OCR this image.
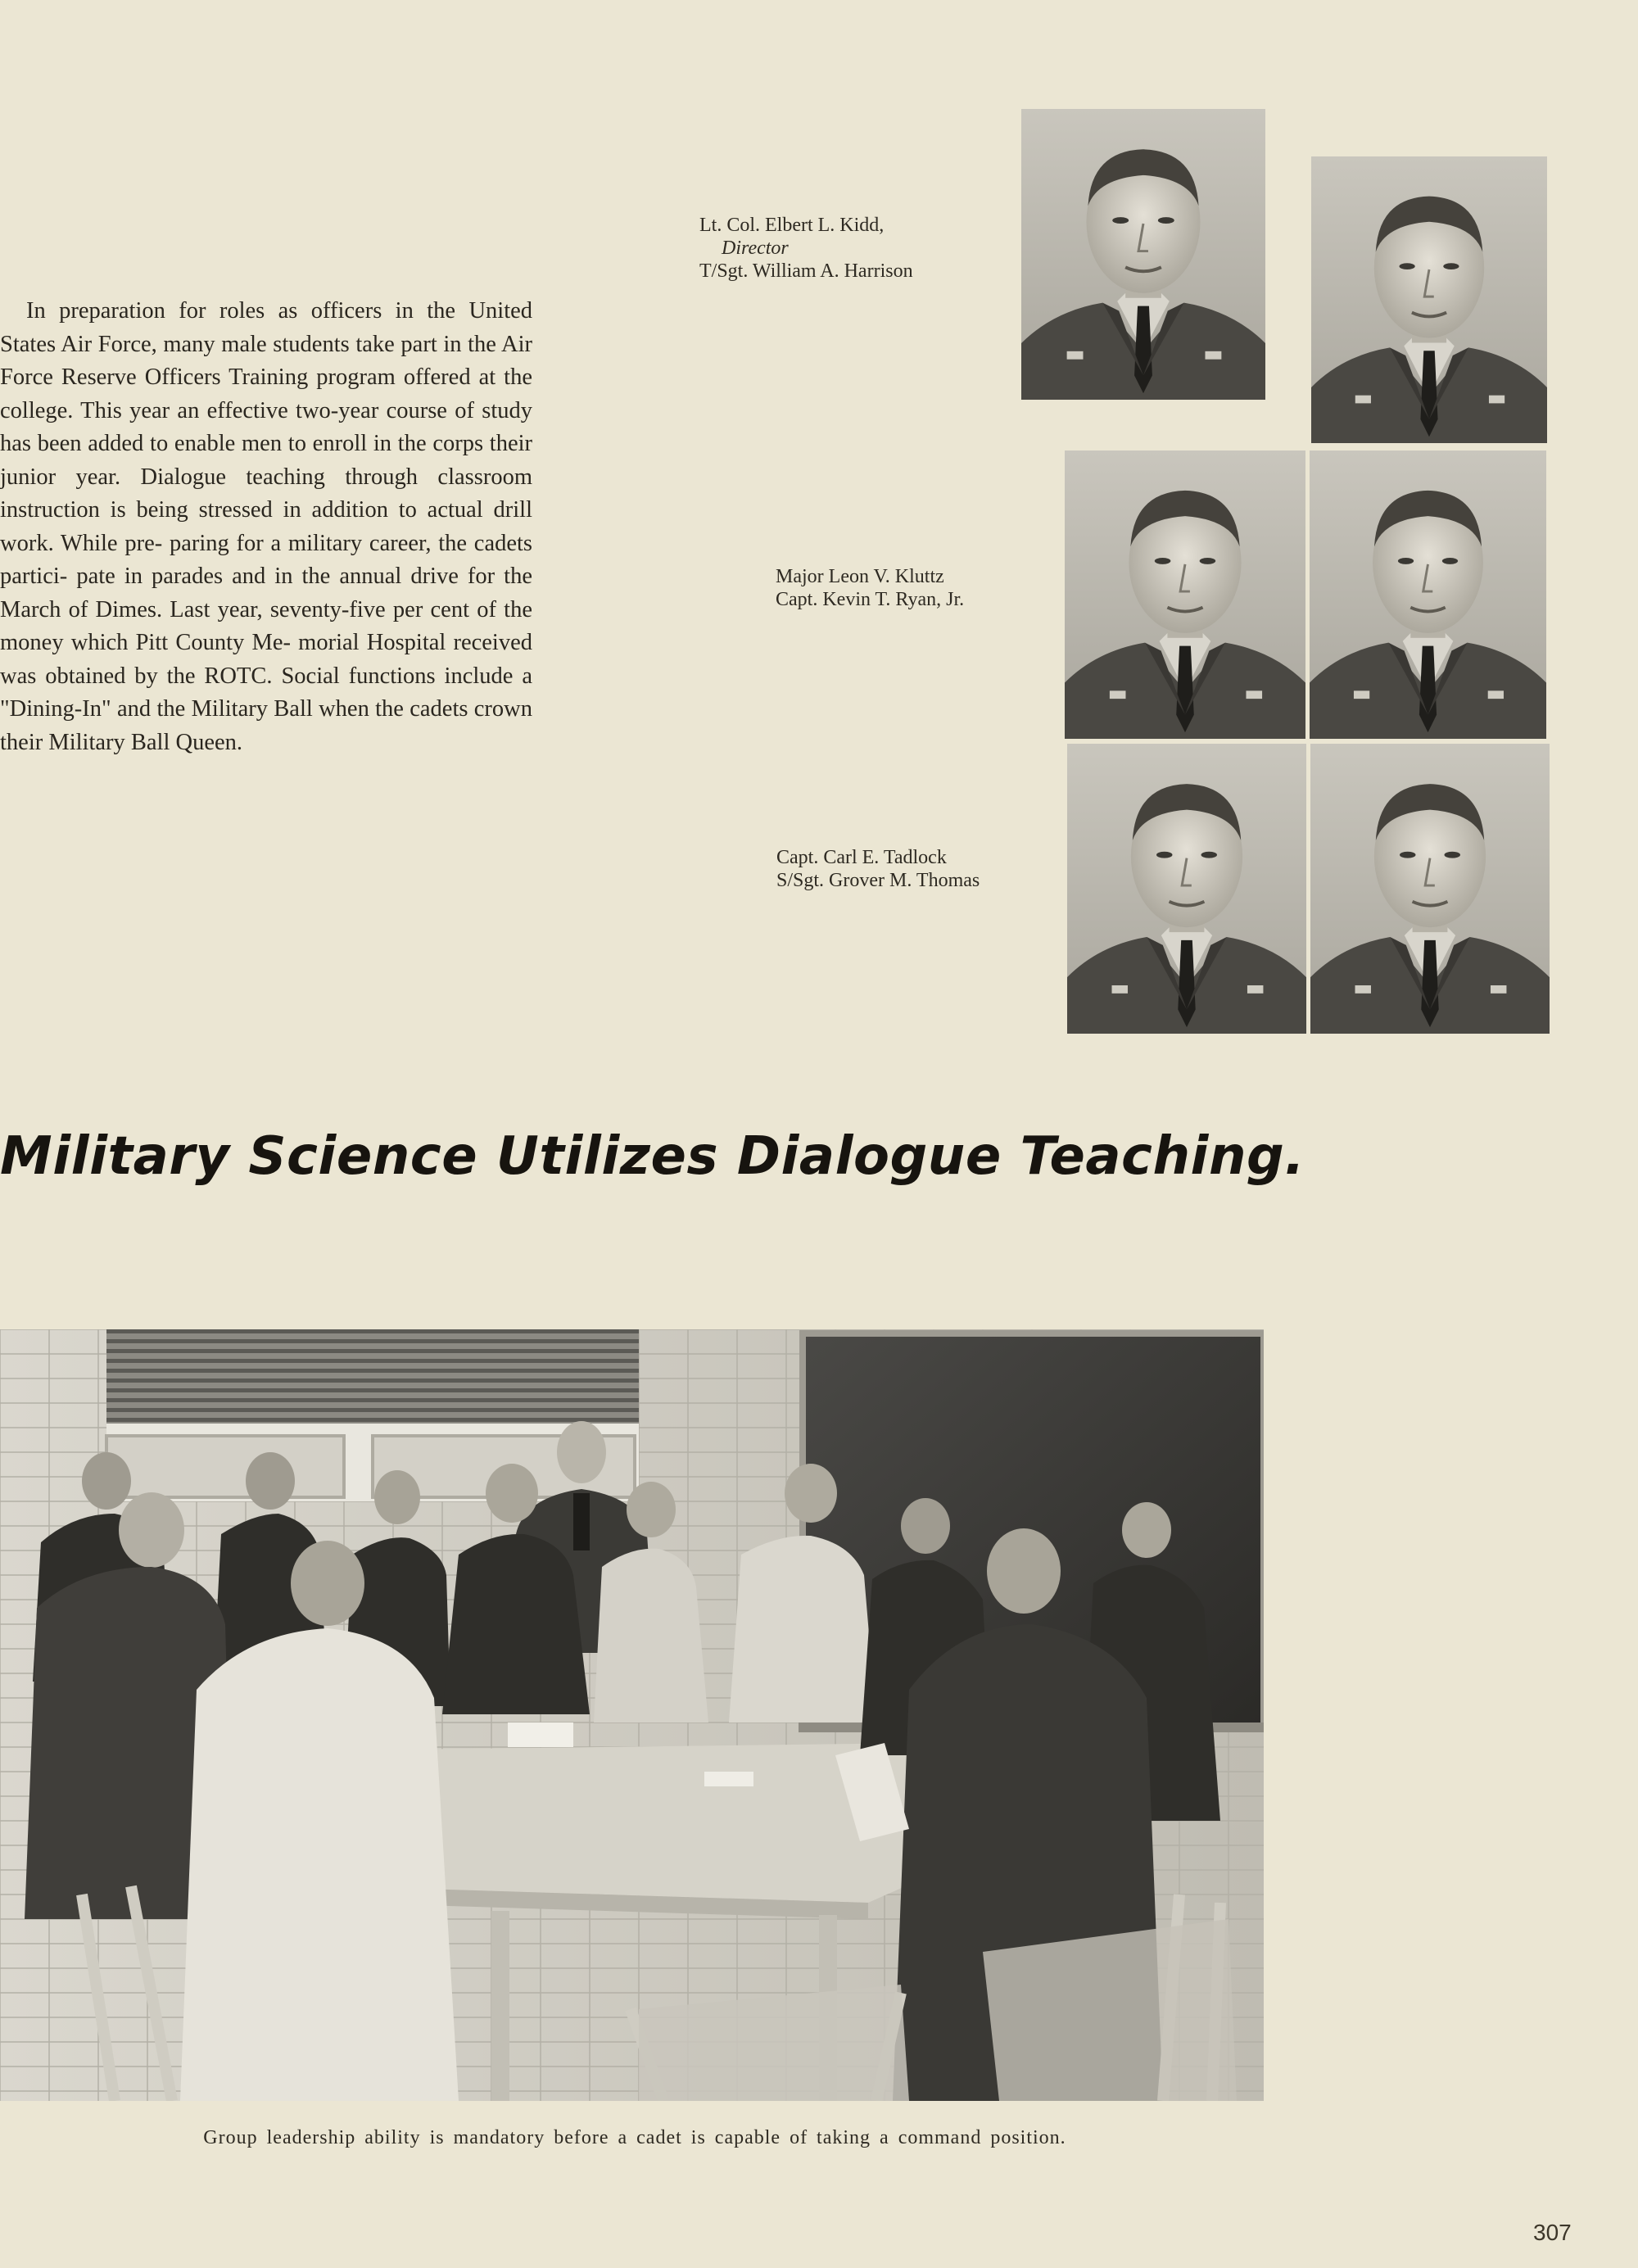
In preparation for roles as officers in the United States Air Force, many male students take part in the Air Force Reserve Officers Training program offered at the college. This year an effective two-year course of study has been added to enable men to enroll in the corps their junior year. Dialogue teaching through classroom instruction is being stressed in addition to actual drill work. While pre- paring for a military career, the cadets partici- pate in parades and in the annual drive for the March of Dimes. Last year, seventy-five per cent of the money which Pitt County Me- morial Hospital received was obtained by the ROTC. Social functions include a "Dining-In" and the Military Ball when the cadets crown their Military Ball Queen.

Lt. Col. Elbert L. Kidd,
Director
T/Sgt. William A. Harrison
Major Leon V. Kluttz
Capt. Kevin T. Ryan, Jr.
Capt. Carl E. Tadlock
S/Sgt. Grover M. Thomas
Military Science Utilizes Dialogue Teaching.
Group leadership ability is mandatory before a cadet is capable of taking a command position.
307
